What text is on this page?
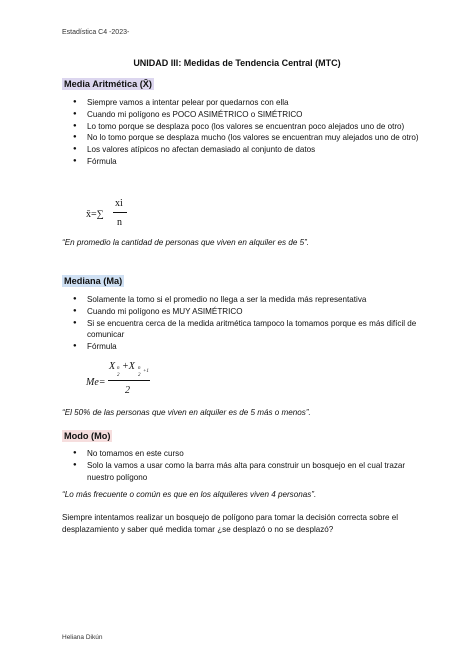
Estadística C4 -2023-
UNIDAD III: Medidas de Tendencia Central (MTC)
Media Aritmética (X̄)
● Siempre vamos a intentar pelear por quedarnos con ella
● Cuando mi polígono es POCO ASIMÉTRICO o SIMÉTRICO
● Lo tomo porque se desplaza poco (los valores se encuentran poco alejados uno de otro)
● No lo tomo porque se desplaza mucho (los valores se encuentran muy alejados uno de otro)
● Los valores atípicos no afectan demasiado al conjunto de datos
● Fórmula
x̄=∑
xi
n
“En promedio la cantidad de personas que viven en alquiler es de 5”.
Mediana (Ma)
● Solamente la tomo si el promedio no llega a ser la medida más representativa
● Cuando mi polígono es MUY ASIMÉTRICO
● Si se encuentra cerca de la medida aritmética tampoco la tomamos porque es más difícil de comunicar
● Fórmula
Me=
X n
2
+X n
2
+1
2
“El 50% de las personas que viven en alquiler es de 5 más o menos”.
Modo (Mo)
● No tomamos en este curso
● Solo la vamos a usar como la barra más alta para construir un bosquejo en el cual trazar nuestro polígono
“Lo más frecuente o común es que en los alquileres viven 4 personas”.
Siempre intentamos realizar un bosquejo de polígono para tomar la decisión correcta sobre el desplazamiento y saber qué medida tomar ¿se desplazó o no se desplazó?
Heliana Dikún
